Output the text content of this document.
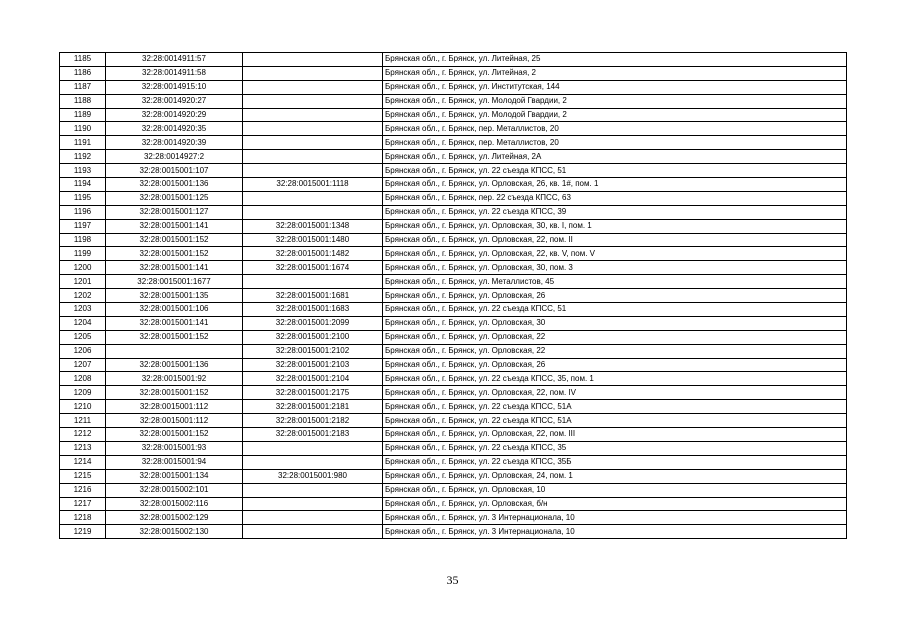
1185	32:28:0014911:57		Брянская обл., г. Брянск, ул. Литейная, 25
1186	32:28:0014911:58		Брянская обл., г. Брянск, ул. Литейная, 2
1187	32:28:0014915:10		Брянская обл., г. Брянск, ул. Институтская, 144
1188	32:28:0014920:27		Брянская обл., г. Брянск, ул. Молодой Гвардии, 2
1189	32:28:0014920:29		Брянская обл., г. Брянск, ул. Молодой Гвардии, 2
1190	32:28:0014920:35		Брянская обл., г. Брянск, пер. Металлистов, 20
1191	32:28:0014920:39		Брянская обл., г. Брянск, пер. Металлистов, 20
1192	32:28:0014927:2		Брянская обл., г. Брянск, ул. Литейная, 2А
1193	32:28:0015001:107		Брянская обл., г. Брянск, ул. 22 съезда КПСС, 51
1194	32:28:0015001:136	32:28:0015001:1118	Брянская обл., г. Брянск, ул. Орловская, 26, кв. 1#, пом. 1
1195	32:28:0015001:125		Брянская обл., г. Брянск, пер. 22 съезда КПСС, 63
1196	32:28:0015001:127		Брянская обл., г. Брянск, ул. 22 съезда КПСС, 39
1197	32:28:0015001:141	32:28:0015001:1348	Брянская обл., г. Брянск, ул. Орловская, 30, кв. I, пом. 1
1198	32:28:0015001:152	32:28:0015001:1480	Брянская обл., г. Брянск, ул. Орловская, 22, пом. II
1199	32:28:0015001:152	32:28:0015001:1482	Брянская обл., г. Брянск, ул. Орловская, 22, кв. V, пом. V
1200	32:28:0015001:141	32:28:0015001:1674	Брянская обл., г. Брянск, ул. Орловская, 30, пом. 3
1201	32:28:0015001:1677		Брянская обл., г. Брянск, ул. Металлистов, 45
1202	32:28:0015001:135	32:28:0015001:1681	Брянская обл., г. Брянск, ул. Орловская, 26
1203	32:28:0015001:106	32:28:0015001:1683	Брянская обл., г. Брянск, ул. 22 съезда КПСС, 51
1204	32:28:0015001:141	32:28:0015001:2099	Брянская обл., г. Брянск, ул. Орловская, 30
1205	32:28:0015001:152	32:28:0015001:2100	Брянская обл., г. Брянск, ул. Орловская, 22
1206		32:28:0015001:2102	Брянская обл., г. Брянск, ул. Орловская, 22
1207	32:28:0015001:136	32:28:0015001:2103	Брянская обл., г. Брянск, ул. Орловская, 26
1208	32:28:0015001:92	32:28:0015001:2104	Брянская обл., г. Брянск, ул. 22 съезда КПСС, 35, пом. 1
1209	32:28:0015001:152	32:28:0015001:2175	Брянская обл., г. Брянск, ул. Орловская, 22, пом. IV
1210	32:28:0015001:112	32:28:0015001:2181	Брянская обл., г. Брянск, ул. 22 съезда КПСС, 51А
1211	32:28:0015001:112	32:28:0015001:2182	Брянская обл., г. Брянск, ул. 22 съезда КПСС, 51А
1212	32:28:0015001:152	32:28:0015001:2183	Брянская обл., г. Брянск, ул. Орловская, 22, пом. III
1213	32:28:0015001:93		Брянская обл., г. Брянск, ул. 22 съезда КПСС, 35
1214	32:28:0015001:94		Брянская обл., г. Брянск, ул. 22 съезда КПСС, 35Б
1215	32:28:0015001:134	32:28:0015001:980	Брянская обл., г. Брянск, ул. Орловская, 24, пом. 1
1216	32:28:0015002:101		Брянская обл., г. Брянск, ул. Орловская, 10
1217	32:28:0015002:116		Брянская обл., г. Брянск, ул. Орловская, б/н
1218	32:28:0015002:129		Брянская обл., г. Брянск, ул. 3 Интернационала, 10
1219	32:28:0015002:130		Брянская обл., г. Брянск, ул. 3 Интернационала, 10
35
